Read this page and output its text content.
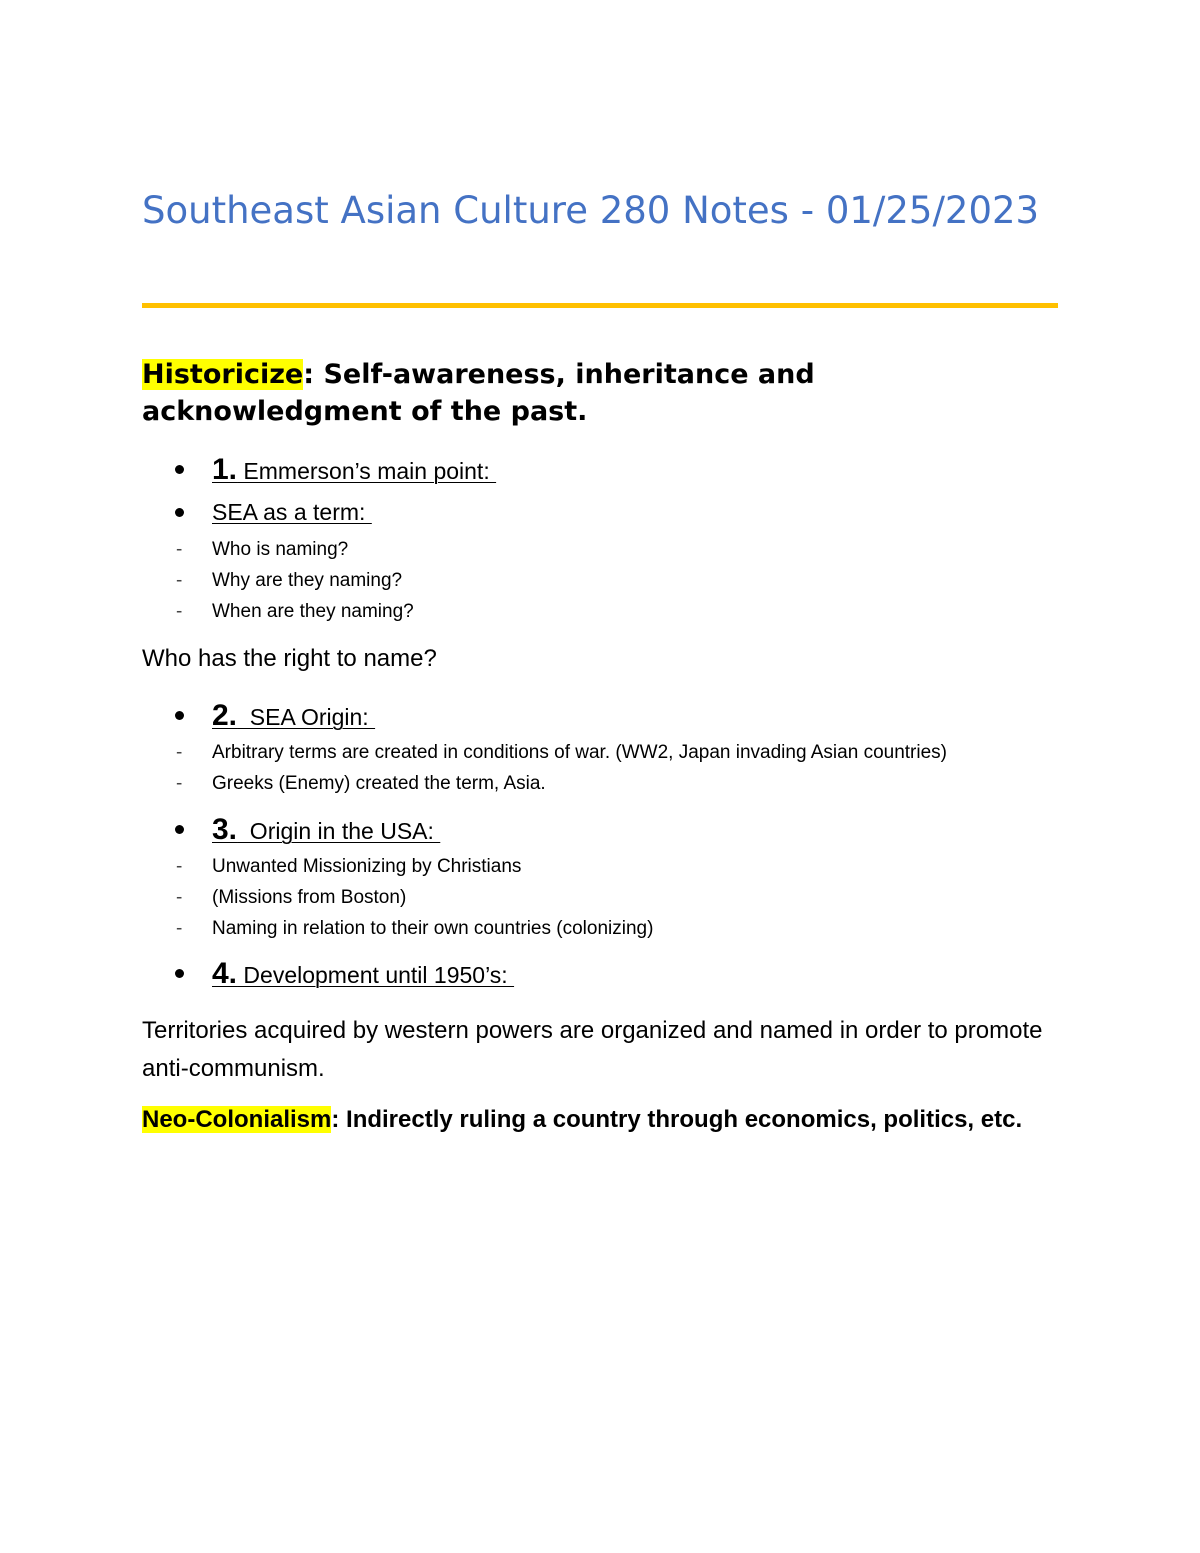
Southeast Asian Culture 280 Notes - 01/25/2023

Historicize: Self-awareness, inheritance and acknowledgment of the past.

1. Emmerson’s main point:
SEA as a term:
- Who is naming?
- Why are they naming?
- When are they naming?

Who has the right to name?

2.  SEA Origin:
- Arbitrary terms are created in conditions of war. (WW2, Japan invading Asian countries)
- Greeks (Enemy) created the term, Asia.
3.  Origin in the USA:
- Unwanted Missionizing by Christians
- (Missions from Boston)
- Naming in relation to their own countries (colonizing)
4. Development until 1950’s:

Territories acquired by western powers are organized and named in order to promote anti-communism.

Neo-Colonialism: Indirectly ruling a country through economics, politics, etc.
